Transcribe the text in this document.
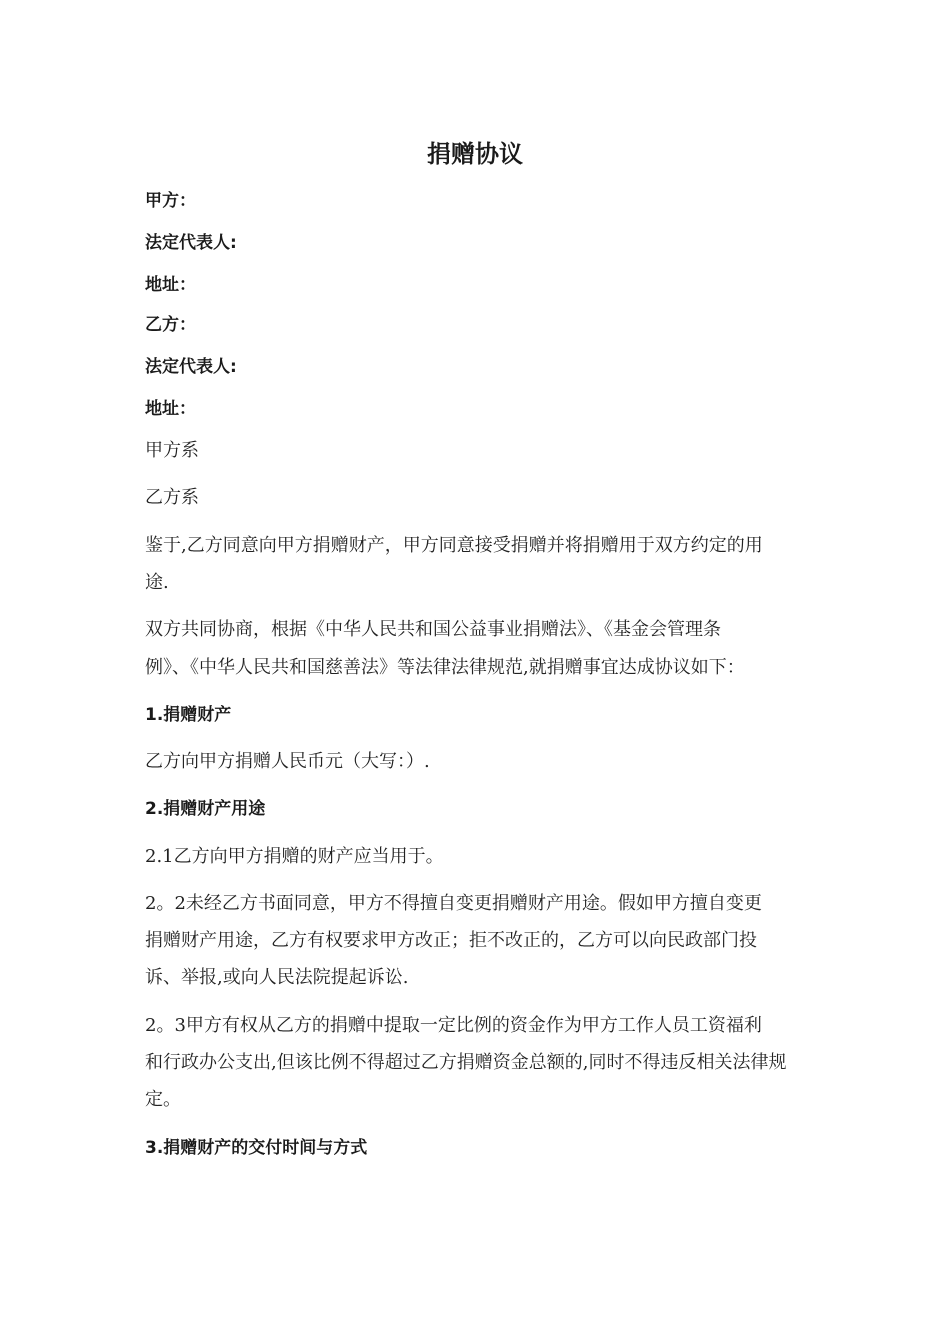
捐赠协议

甲方：

法定代表人:

地址：

乙方：

法定代表人:

地址：

甲方系

乙方系

鉴于,乙方同意向甲方捐赠财产，甲方同意接受捐赠并将捐赠用于双方约定的用

途.

双方共同协商，根据《中华人民共和国公益事业捐赠法》、《基金会管理条

例》、《中华人民共和国慈善法》等法律法律规范,就捐赠事宜达成协议如下：

1.捐赠财产

乙方向甲方捐赠人民币元（大写：）.

2.捐赠财产用途

2.1乙方向甲方捐赠的财产应当用于。

2。2未经乙方书面同意，甲方不得擅自变更捐赠财产用途。假如甲方擅自变更

捐赠财产用途，乙方有权要求甲方改正；拒不改正的，乙方可以向民政部门投

诉、举报,或向人民法院提起诉讼.

2。3甲方有权从乙方的捐赠中提取一定比例的资金作为甲方工作人员工资福利

和行政办公支出,但该比例不得超过乙方捐赠资金总额的,同时不得违反相关法律规

定。

3.捐赠财产的交付时间与方式
